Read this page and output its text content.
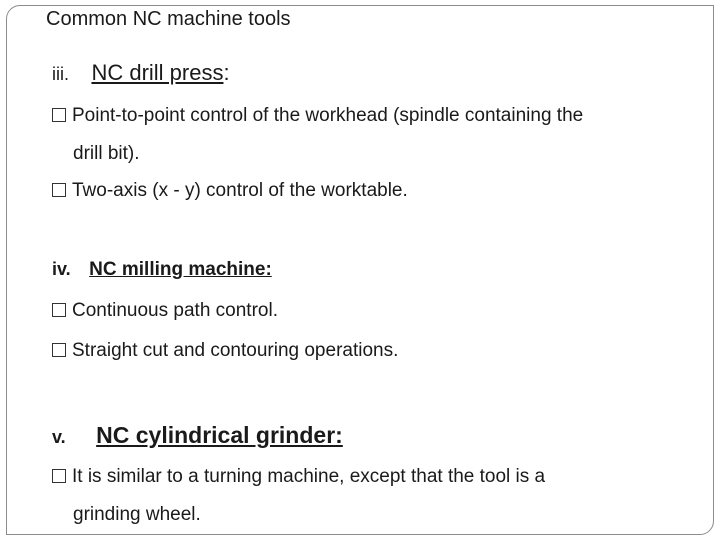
Common NC machine tools

iii. NC drill press:

Point-to-point control of the workhead (spindle containing the
drill bit).

Two-axis (x - y) control of the worktable.

iv. NC milling machine:

Continuous path control.

Straight cut and contouring operations.

v. NC cylindrical grinder:

It is similar to a turning machine, except that the tool is a
grinding wheel.
